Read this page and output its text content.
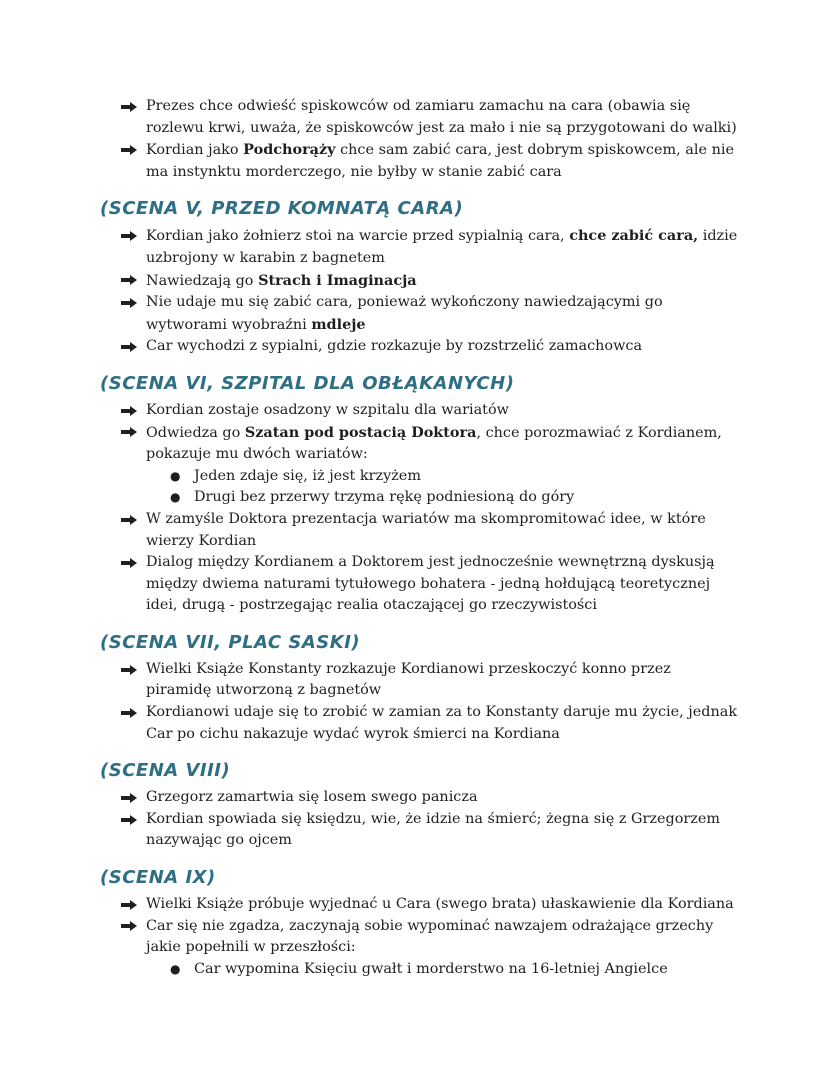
Prezes chce odwieść spiskowców od zamiaru zamachu na cara (obawia się rozlewu krwi, uważa, że spiskowców jest za mało i nie są przygotowani do walki)
Kordian jako Podchorąży chce sam zabić cara, jest dobrym spiskowcem, ale nie ma instynktu morderczego, nie byłby w stanie zabić cara
(SCENA V, PRZED KOMNATĄ CARA)
Kordian jako żołnierz stoi na warcie przed sypialnią cara, chce zabić cara, idzie uzbrojony w karabin z bagnetem
Nawiedzają go Strach i Imaginacja
Nie udaje mu się zabić cara, ponieważ wykończony nawiedzającymi go wytworami wyobraźni mdleje
Car wychodzi z sypialni, gdzie rozkazuje by rozstrzelić zamachowca
(SCENA VI, SZPITAL DLA OBŁĄKANYCH)
Kordian zostaje osadzony w szpitalu dla wariatów
Odwiedza go Szatan pod postacią Doktora, chce porozmawiać z Kordianem, pokazuje mu dwóch wariatów:
● Jeden zdaje się, iż jest krzyżem
● Drugi bez przerwy trzyma rękę podniesioną do góry
W zamyśle Doktora prezentacja wariatów ma skompromitować idee, w które wierzy Kordian
Dialog między Kordianem a Doktorem jest jednocześnie wewnętrzną dyskusją między dwiema naturami tytułowego bohatera - jedną hołdującą teoretycznej idei, drugą - postrzegając realia otaczającej go rzeczywistości
(SCENA VII, PLAC SASKI)
Wielki Książe Konstanty rozkazuje Kordianowi przeskoczyć konno przez piramidę utworzoną z bagnetów
Kordianowi udaje się to zrobić w zamian za to Konstanty daruje mu życie, jednak Car po cichu nakazuje wydać wyrok śmierci na Kordiana
(SCENA VIII)
Grzegorz zamartwia się losem swego panicza
Kordian spowiada się księdzu, wie, że idzie na śmierć; żegna się z Grzegorzem nazywając go ojcem
(SCENA IX)
Wielki Książe próbuje wyjednać u Cara (swego brata) ułaskawienie dla Kordiana
Car się nie zgadza, zaczynają sobie wypominać nawzajem odrażające grzechy jakie popełnili w przeszłości:
● Car wypomina Księciu gwałt i morderstwo na 16-letniej Angielce
